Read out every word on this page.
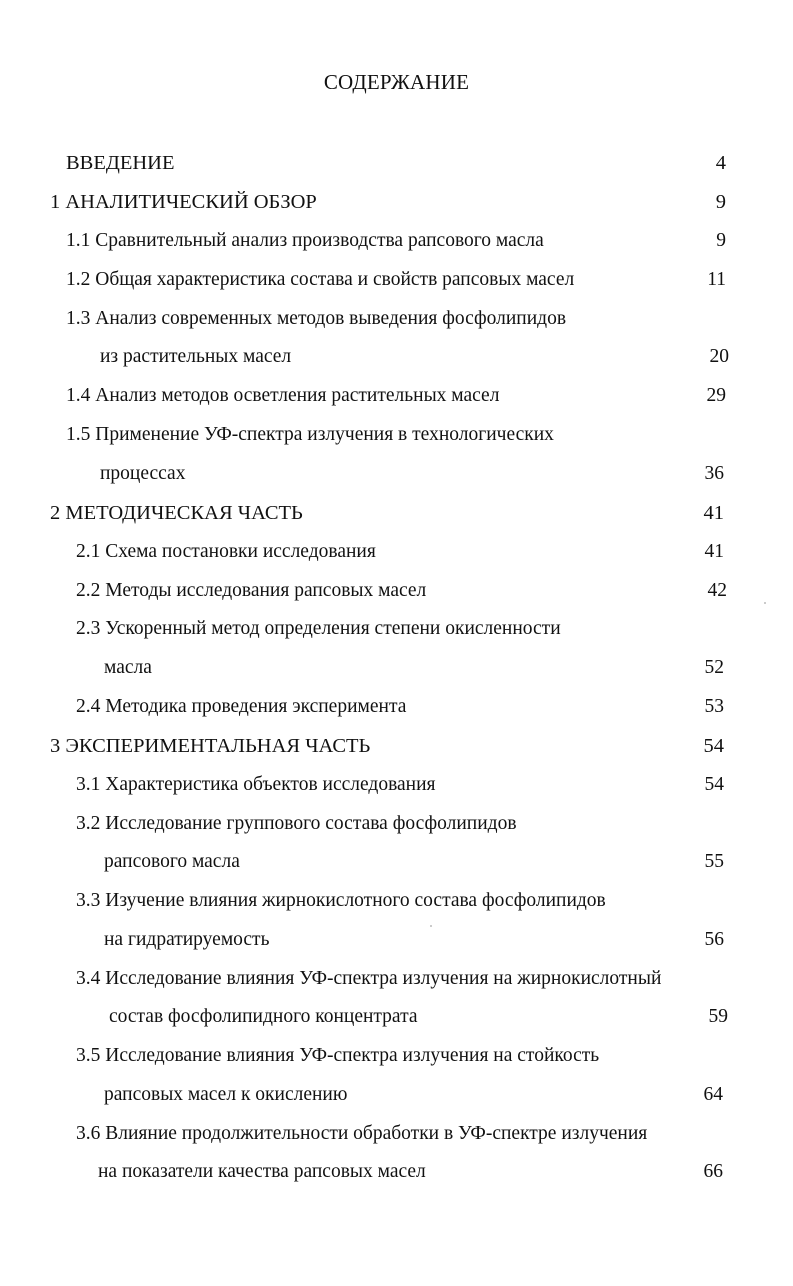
СОДЕРЖАНИЕ
ВВЕДЕНИЕ	4
1 АНАЛИТИЧЕСКИЙ ОБЗОР	9
1.1 Сравнительный анализ производства рапсового масла	9
1.2 Общая характеристика состава и свойств рапсовых масел	11
1.3 Анализ современных методов выведения фосфолипидов
из растительных масел	20
1.4 Анализ методов осветления растительных масел	29
1.5 Применение УФ-спектра излучения в технологических
процессах	36
2 МЕТОДИЧЕСКАЯ ЧАСТЬ	41
2.1 Схема постановки исследования	41
2.2 Методы исследования рапсовых масел	42
2.3 Ускоренный метод определения степени окисленности
масла	52
2.4 Методика проведения эксперимента	53
3 ЭКСПЕРИМЕНТАЛЬНАЯ ЧАСТЬ	54
3.1 Характеристика объектов исследования	54
3.2 Исследование группового состава фосфолипидов
рапсового масла	55
3.3 Изучение влияния жирнокислотного состава фосфолипидов
на гидратируемость	56
3.4 Исследование влияния УФ-спектра излучения на жирнокислотный
состав фосфолипидного концентрата	59
3.5 Исследование влияния УФ-спектра излучения на стойкость
рапсовых масел к окислению	64
3.6 Влияние продолжительности обработки в УФ-спектре излучения
на показатели качества рапсовых масел	66
